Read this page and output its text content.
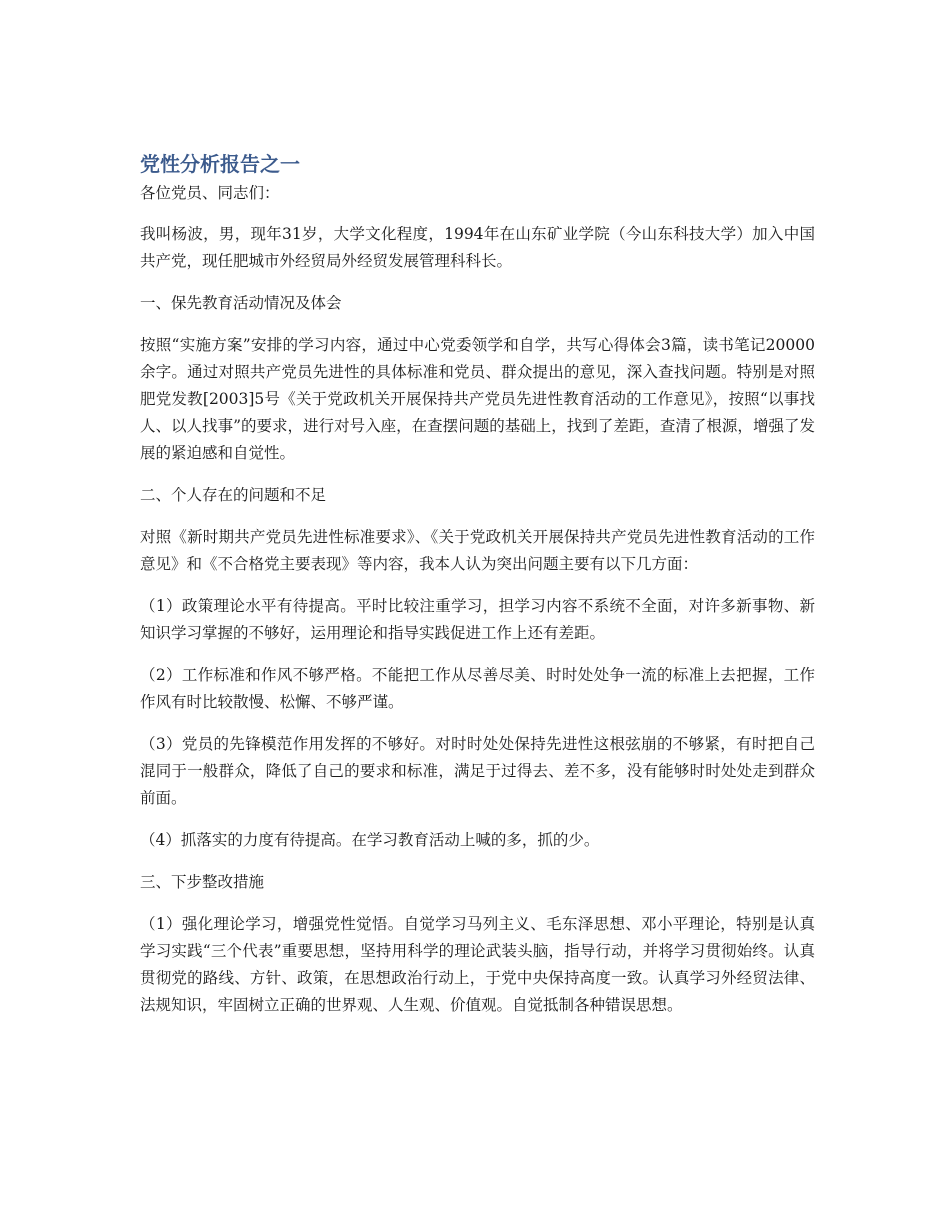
党性分析报告之一
各位党员、同志们：
我叫杨波，男，现年31岁，大学文化程度，1994年在山东矿业学院（今山东科技大学）加入中国共产党，现任肥城市外经贸局外经贸发展管理科科长。
一、保先教育活动情况及体会
按照“实施方案”安排的学习内容，通过中心党委领学和自学，共写心得体会3篇，读书笔记20000余字。通过对照共产党员先进性的具体标准和党员、群众提出的意见，深入查找问题。特别是对照肥党发教[2003]5号《关于党政机关开展保持共产党员先进性教育活动的工作意见》，按照“以事找人、以人找事”的要求，进行对号入座，在查摆问题的基础上，找到了差距，查清了根源，增强了发展的紧迫感和自觉性。
二、个人存在的问题和不足
对照《新时期共产党员先进性标准要求》、《关于党政机关开展保持共产党员先进性教育活动的工作意见》和《不合格党主要表现》等内容，我本人认为突出问题主要有以下几方面：
（1）政策理论水平有待提高。平时比较注重学习，担学习内容不系统不全面，对许多新事物、新知识学习掌握的不够好，运用理论和指导实践促进工作上还有差距。
（2）工作标准和作风不够严格。不能把工作从尽善尽美、时时处处争一流的标准上去把握，工作作风有时比较散慢、松懈、不够严谨。
（3）党员的先锋模范作用发挥的不够好。对时时处处保持先进性这根弦崩的不够紧，有时把自己混同于一般群众，降低了自己的要求和标准，满足于过得去、差不多，没有能够时时处处走到群众前面。
（4）抓落实的力度有待提高。在学习教育活动上喊的多，抓的少。
三、下步整改措施
（1）强化理论学习，增强党性觉悟。自觉学习马列主义、毛东泽思想、邓小平理论，特别是认真学习实践“三个代表”重要思想，坚持用科学的理论武装头脑，指导行动，并将学习贯彻始终。认真贯彻党的路线、方针、政策，在思想政治行动上，于党中央保持高度一致。认真学习外经贸法律、法规知识，牢固树立正确的世界观、人生观、价值观。自觉抵制各种错误思想。
